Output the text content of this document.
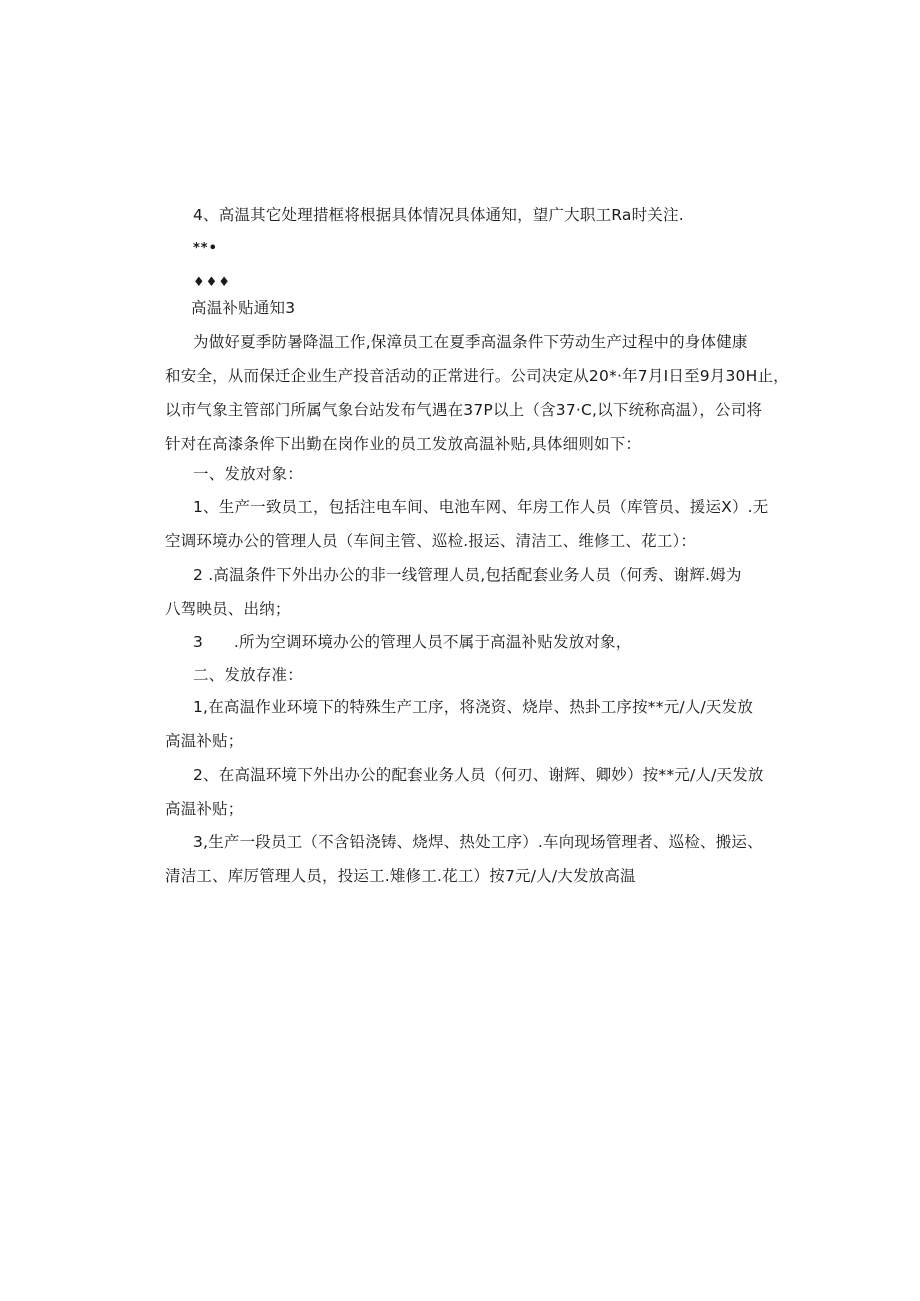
4、高温其它处理措框将根据具体情况具体通知，望广大职工Ra时关注.
**•
♦♦♦
高温补贴通知3
为做好夏季防暑降温工作,保漳员工在夏季高温条件下劳动生产过程中的身体健康
和安全，从而保迁企业生产投音活动的正常进行。公司决定从20*·年7月I日至9月30H止，
以市气象主管部门所属气象台站发布气遇在37P以上（含37·C,以下统称高温），公司将
针对在高漆条侔下出勤在岗作业的员工发放高温补贴,具体细则如下：
一、发放对象：
1、生产一致员工，包括注电车间、电池车网、年房工作人员（库管员、援运X）.无
空调环境办公的管理人员（车间主管、巡检.报运、清洁工、维修工、花工）：
2 .高温条件下外出办公的非一线管理人员,包括配套业务人员（何秀、谢辉.姆为
八驾映员、出纳；
3      .所为空调环境办公的管理人员不属于高温补贴发放对象，
二、发放存准：
1,在高温作业环境下的特殊生产工序，将浇资、烧岸、热卦工序按**元/人/天发放
高温补贴；
2、在高温环境下外出办公的配套业务人员（何刃、谢辉、卿妙）按**元/人/天发放
高温补贴；
3,生产一段员工（不含铅浇铸、烧焊、热处工序）.车向现场管理者、巡检、搬运、
清洁工、库厉管理人员，投运工.雉修工.花工）按7元/人/大发放高温
